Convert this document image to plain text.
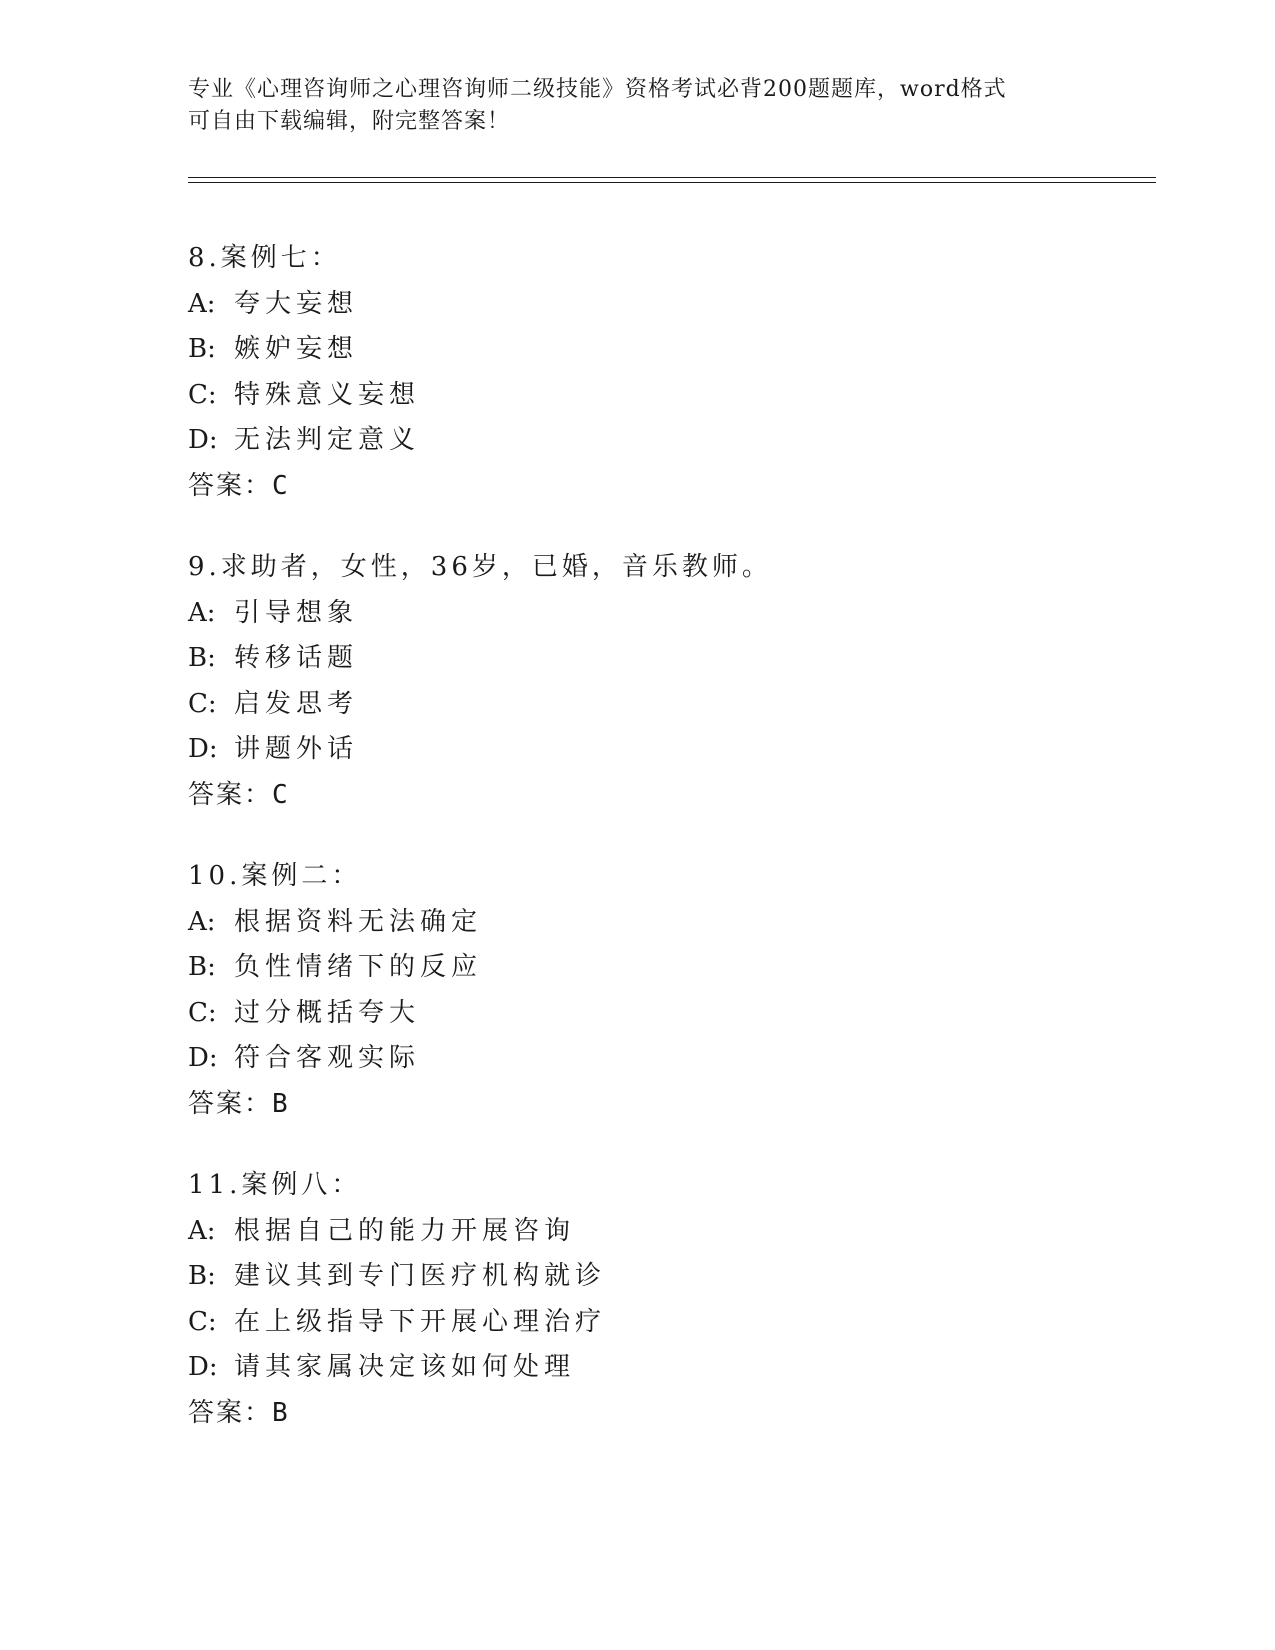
专业《心理咨询师之心理咨询师二级技能》资格考试必背200题题库，word格式
可自由下载编辑，附完整答案！
8.案例七：
A: 夸大妄想
B: 嫉妒妄想
C: 特殊意义妄想
D: 无法判定意义
答案：C
9.求助者，女性，36岁，已婚，音乐教师。
A: 引导想象
B: 转移话题
C: 启发思考
D: 讲题外话
答案：C
10.案例二：
A: 根据资料无法确定
B: 负性情绪下的反应
C: 过分概括夸大
D: 符合客观实际
答案：B
11.案例八：
A: 根据自己的能力开展咨询
B: 建议其到专门医疗机构就诊
C: 在上级指导下开展心理治疗
D: 请其家属决定该如何处理
答案：B
